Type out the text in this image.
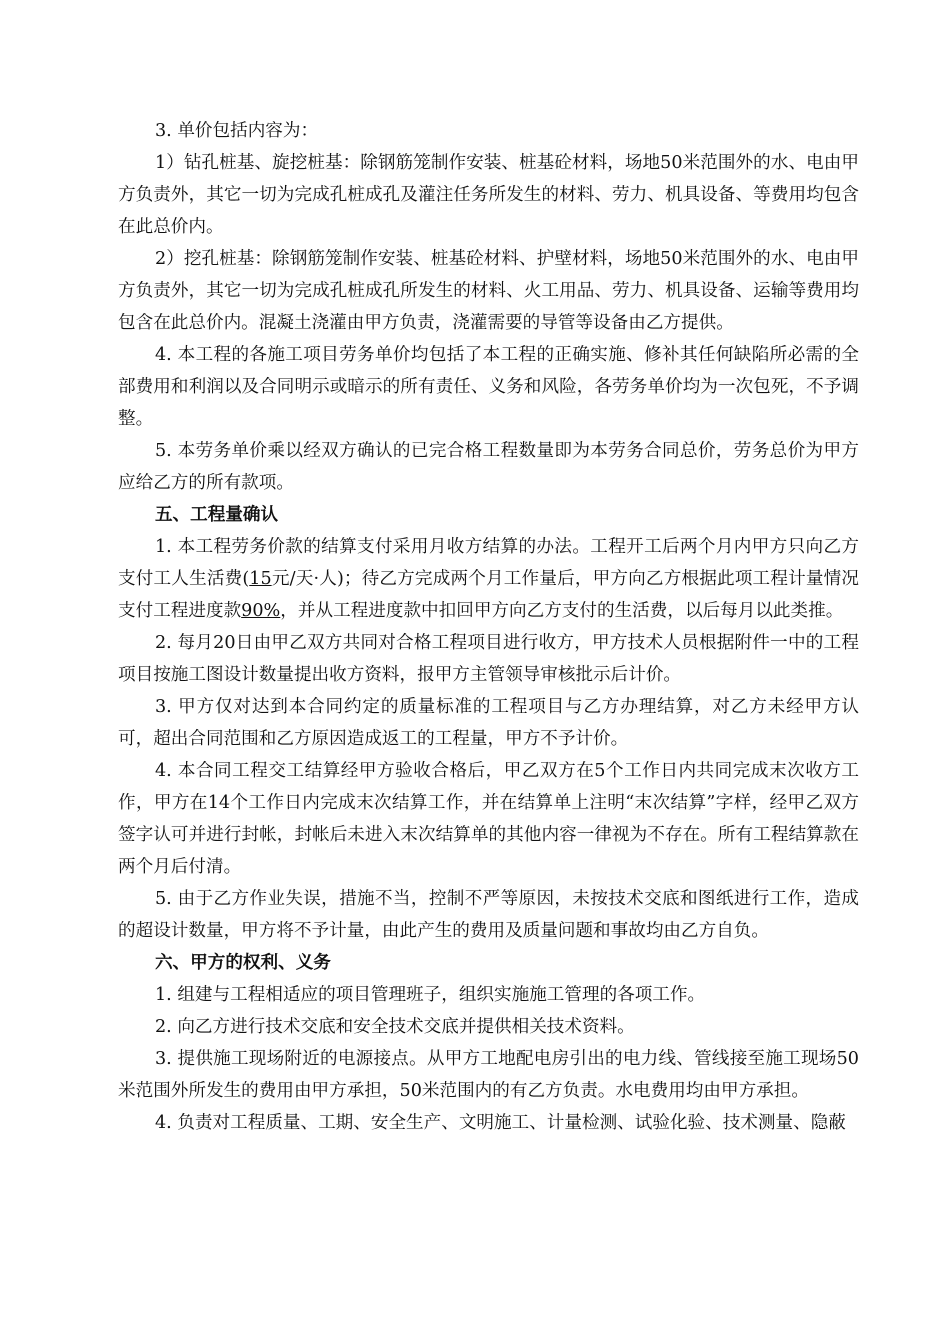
3. 单价包括内容为：

1）钻孔桩基、旋挖桩基：除钢筋笼制作安装、桩基砼材料，场地50米范围外的水、电由甲方负责外，其它一切为完成孔桩成孔及灌注任务所发生的材料、劳力、机具设备、等费用均包含在此总价内。

2）挖孔桩基：除钢筋笼制作安装、桩基砼材料、护壁材料，场地50米范围外的水、电由甲方负责外，其它一切为完成孔桩成孔所发生的材料、火工用品、劳力、机具设备、运输等费用均包含在此总价内。混凝土浇灌由甲方负责，浇灌需要的导管等设备由乙方提供。

4. 本工程的各施工项目劳务单价均包括了本工程的正确实施、修补其任何缺陷所必需的全部费用和利润以及合同明示或暗示的所有责任、义务和风险，各劳务单价均为一次包死，不予调整。

5. 本劳务单价乘以经双方确认的已完合格工程数量即为本劳务合同总价，劳务总价为甲方应给乙方的所有款项。

五、工程量确认

1. 本工程劳务价款的结算支付采用月收方结算的办法。工程开工后两个月内甲方只向乙方支付工人生活费(15元/天·人)；待乙方完成两个月工作量后，甲方向乙方根据此项工程计量情况支付工程进度款90%，并从工程进度款中扣回甲方向乙方支付的生活费，以后每月以此类推。

2. 每月20日由甲乙双方共同对合格工程项目进行收方，甲方技术人员根据附件一中的工程项目按施工图设计数量提出收方资料，报甲方主管领导审核批示后计价。

3. 甲方仅对达到本合同约定的质量标准的工程项目与乙方办理结算，对乙方未经甲方认可，超出合同范围和乙方原因造成返工的工程量，甲方不予计价。

4. 本合同工程交工结算经甲方验收合格后，甲乙双方在5个工作日内共同完成末次收方工作，甲方在14个工作日内完成末次结算工作，并在结算单上注明“末次结算”字样，经甲乙双方签字认可并进行封帐，封帐后未进入末次结算单的其他内容一律视为不存在。所有工程结算款在两个月后付清。

5. 由于乙方作业失误，措施不当，控制不严等原因，未按技术交底和图纸进行工作，造成的超设计数量，甲方将不予计量，由此产生的费用及质量问题和事故均由乙方自负。

六、甲方的权利、义务

1. 组建与工程相适应的项目管理班子，组织实施施工管理的各项工作。

2. 向乙方进行技术交底和安全技术交底并提供相关技术资料。

3. 提供施工现场附近的电源接点。从甲方工地配电房引出的电力线、管线接至施工现场50米范围外所发生的费用由甲方承担，50米范围内的有乙方负责。水电费用均由甲方承担。

4. 负责对工程质量、工期、安全生产、文明施工、计量检测、试验化验、技术测量、隐蔽
